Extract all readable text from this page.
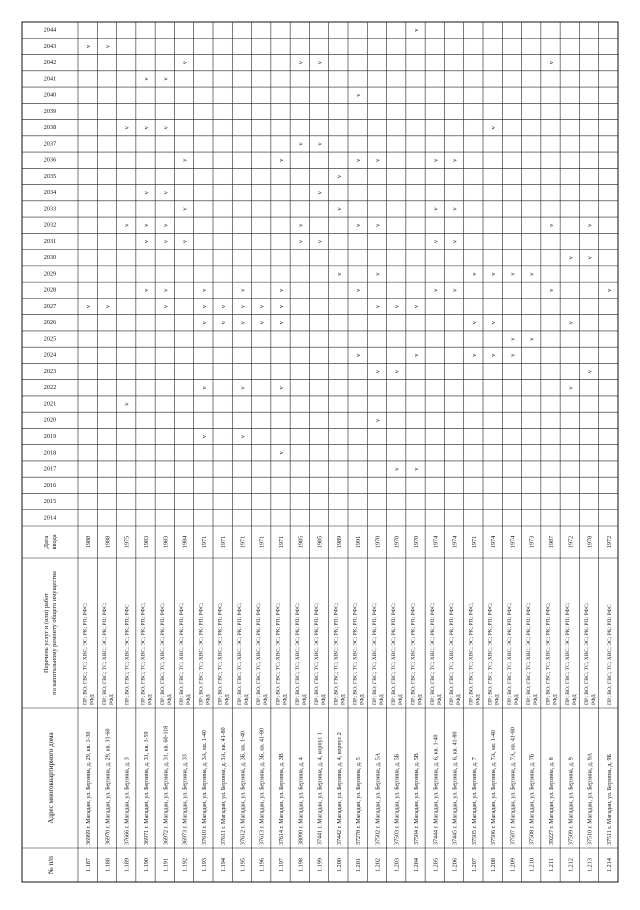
№ п/п
Адрес многоквартирного дома
Перечень услуг и (или) работпо капитальному ремонту общего имущества
Датаввода
2014
2015
2016
2017
2018
2019
2020
2021
2022
2023
2024
2025
2026
2027
2028
2029
2030
2031
2032
2033
2034
2035
2036
2037
2038
2039
2040
2041
2042
2043
2044
1.187
36969 г. Магадан, ул. Берзина, д. 29, кв. 1-30
ПР; ВО; ГВС; ТС; ХВС; ЭС; РК; РП; РФС;РФД
1988
v
v
1.188
36970 г. Магадан, ул. Берзина, д. 29, кв. 31-60
ПР; ВО; ГВС; ТС; ХВС; ЭС; РК; РП; РФС;РФД
1988
v
v
1.189
37666 г. Магадан, ул. Берзина, д. 3
ПР; ВО; ГВС; ТС; ХВС; ЭС; РК; РП; РФС
1975
v
v
v
1.190
36971 г. Магадан, ул. Берзина, д. 31, кв. 1-59
ПР; ВО; ГВС; ТС; ХВС; ЭС; РК; РП; РФС;РФД
1983
v
v
v
v
v
v
1.191
36972 г. Магадан, ул. Берзина, д. 31, кв. 60-118
ПР; ВО; ГВС; ТС; ХВС; ЭС; РК; РП; РФС;РФД
1983
v
v
v
v
v
v
v
1.192
36973 г. Магадан, ул. Берзина, д. 33
ПР; ВО; ГВС; ТС; ХВС; ЭС; РК; РП; РФС;РФД
1984
v
v
v
v
1.193
37610 г. Магадан, ул. Берзина, д. 3А, кв. 1-40
ПР; ВО; ГВС; ТС; ХВС; ЭС; РК; РП; РФС;РФД
1971
v
v
v
v
v
1.194
37611 г. Магадан, ул. Берзина, д. 3А, кв. 41-80
ПР; ВО; ГВС; ТС; ХВС; ЭС; РК; РП; РФС;РФД
1971
v
v
1.195
37612 г. Магадан, ул. Берзина, д. 3Б, кв. 1-40
ПР; ВО; ГВС; ТС; ХВС; ЭС; РК; РП; РФС;РФД
1971
v
v
v
v
v
1.196
37613 г. Магадан, ул. Берзина, д. 3Б, кв. 41-80
ПР; ВО; ГВС; ТС; ХВС; ЭС; РК; РП; РФС;РФД
1971
v
v
1.197
37614 г. Магадан, ул. Берзина, д. 3В
ПР; ВО; ГВС; ТС; ХВС; ЭС; РК; РП; РФС;РФД
1971
v
v
v
v
v
v
1.198
38090 г. Магадан, ул. Берзина, д. 4
ПР; ВО; ГВС; ТС; ХВС; ЭС; РК; РП; РФС;РФД
1985
v
v
v
v
1.199
37441 г. Магадан, ул. Берзина, д. 4, корпус 1
ПР; ВО; ГВС; ТС; ХВС; ЭС; РК; РП; РФС;РФД
1985
v
v
v
v
1.200
37442 г. Магадан, ул. Берзина, д. 4, корпус 2
ПР; ВО; ГВС; ТС; ХВС; ЭС; РК; РП; РФС;РФД
1989
v
v
v
1.201
37278 г. Магадан, ул. Берзина, д. 5
ПР; ВО; ГВС; ТС; ХВС; ЭС; РК; РП; РФС;РФД
1991
v
v
v
v
v
1.202
37502 г. Магадан, ул. Берзина, д. 5А
ПР; ВО; ГВС; ТС; ХВС; ЭС; РК; РП; РФС;РФД
1970
v
v
v
v
v
v
1.203
37503 г. Магадан, ул. Берзина, д. 5Б
ПР; ВО; ГВС; ТС; ХВС; ЭС; РК; РП; РФС;РФД
1970
v
v
v
1.204
37504 г. Магадан, ул. Берзина, д. 5В
ПР; ВО; ГВС; ТС; ХВС; ЭС; РК; РП; РФС;РФД
1970
v
v
v
v
1.205
37444 г. Магадан, ул. Берзина, д. 6, кв. 1-40
ПР; ВО; ГВС; ТС; ХВС; ЭС; РК; РП; РФС;РФД
1974
v
v
v
v
1.206
37445 г. Магадан, ул. Берзина, д. 6, кв. 41-80
ПР; ВО; ГВС; ТС; ХВС; ЭС; РК; РП; РФС;РФД
1974
v
v
v
v
1.207
37505 г. Магадан, ул. Берзина, д. 7
ПР; ВО; ГВС; ТС; ХВС; ЭС; РК; РП; РФС;РФД
1971
v
v
v
1.208
37506 г. Магадан, ул. Берзина, д. 7А, кв. 1-40
ПР; ВО; ГВС; ТС; ХВС; ЭС; РК; РП; РФС;РФД
1974
v
v
v
v
1.209
37507 г. Магадан, ул. Берзина, д. 7А, кв. 41-80
ПР; ВО; ГВС; ТС; ХВС; ЭС; РК; РП; РФС;РФД
1974
v
v
v
1.210
37508 г. Магадан, ул. Берзина, д. 7Б
ПР; ВО; ГВС; ТС; ХВС; ЭС; РК; РП; РФС;РФД
1973
v
v
1.211
39227 г. Магадан, ул. Берзина, д. 8
ПР; ВО; ГВС; ТС; ХВС; ЭС; РК; РП; РФС;РФД
1987
v
v
v
1.212
37509 г. Магадан, ул. Берзина, д. 9
ПР; ВО; ГВС; ТС; ХВС; ЭС; РК; РП; РФС;РФД
1972
v
v
v
1.213
37510 г. Магадан, ул. Берзина, д. 9А
ПР; ВО; ГВС; ТС; ХВС; ЭС; РК; РП; РФС;РФД
1978
v
v
v
1.214
37511 г. Магадан, ул. Берзина, д. 9Б
ПР; ВО; ГВС; ТС; ХВС; ЭС; РК; РП; РФС
1972
v
